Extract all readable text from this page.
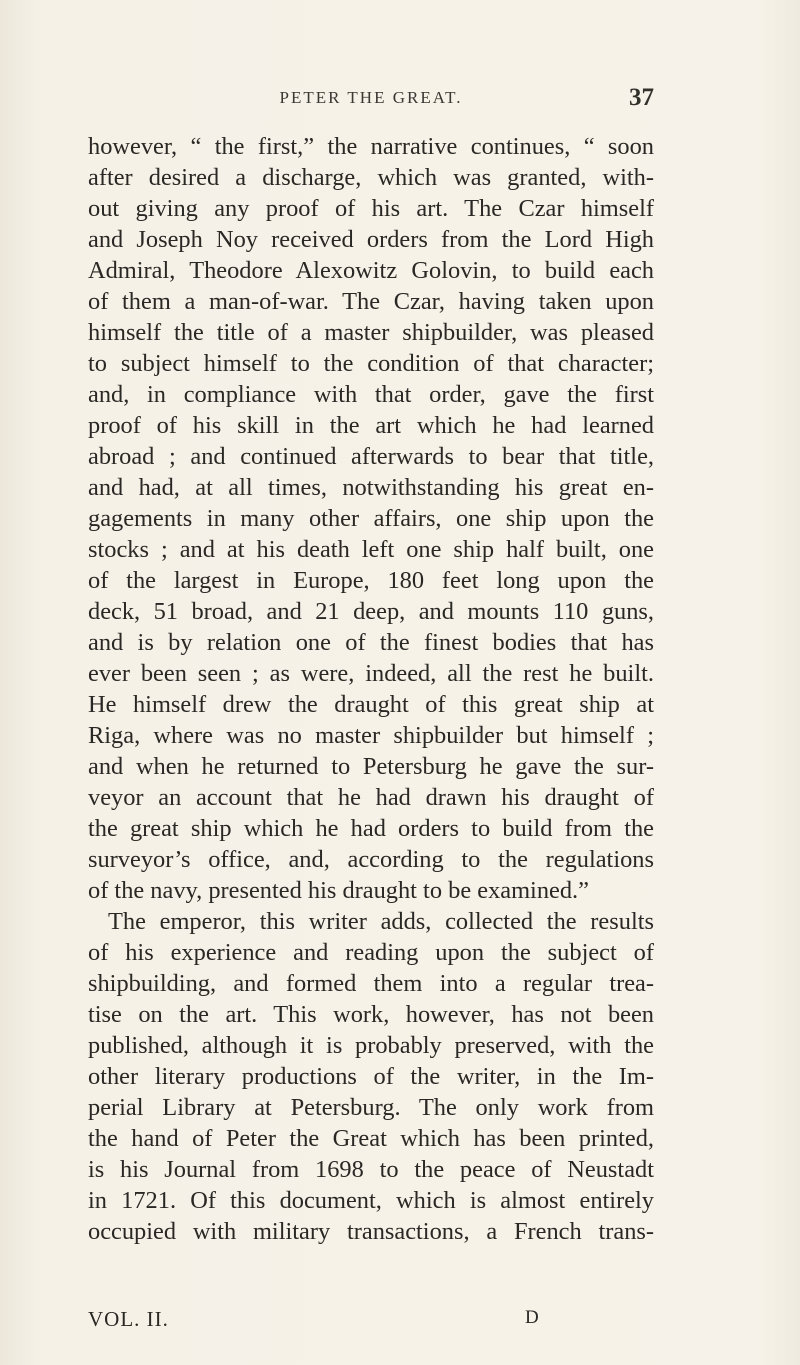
PETER THE GREAT.	37
however, “ the first,” the narrative continues, “ soon
after desired a discharge, which was granted, with-
out giving any proof of his art. The Czar himself
and Joseph Noy received orders from the Lord High
Admiral, Theodore Alexowitz Golovin, to build each
of them a man-of-war. The Czar, having taken upon
himself the title of a master shipbuilder, was pleased
to subject himself to the condition of that character;
and, in compliance with that order, gave the first
proof of his skill in the art which he had learned
abroad ; and continued afterwards to bear that title,
and had, at all times, notwithstanding his great en-
gagements in many other affairs, one ship upon the
stocks ; and at his death left one ship half built, one
of the largest in Europe, 180 feet long upon the
deck, 51 broad, and 21 deep, and mounts 110 guns,
and is by relation one of the finest bodies that has
ever been seen ; as were, indeed, all the rest he built.
He himself drew the draught of this great ship at
Riga, where was no master shipbuilder but himself ;
and when he returned to Petersburg he gave the sur-
veyor an account that he had drawn his draught of
the great ship which he had orders to build from the
surveyor’s office, and, according to the regulations
of the navy, presented his draught to be examined.”
The emperor, this writer adds, collected the results
of his experience and reading upon the subject of
shipbuilding, and formed them into a regular trea-
tise on the art. This work, however, has not been
published, although it is probably preserved, with the
other literary productions of the writer, in the Im-
perial Library at Petersburg. The only work from
the hand of Peter the Great which has been printed,
is his Journal from 1698 to the peace of Neustadt
in 1721. Of this document, which is almost entirely
occupied with military transactions, a French trans-
VOL. II.	D
